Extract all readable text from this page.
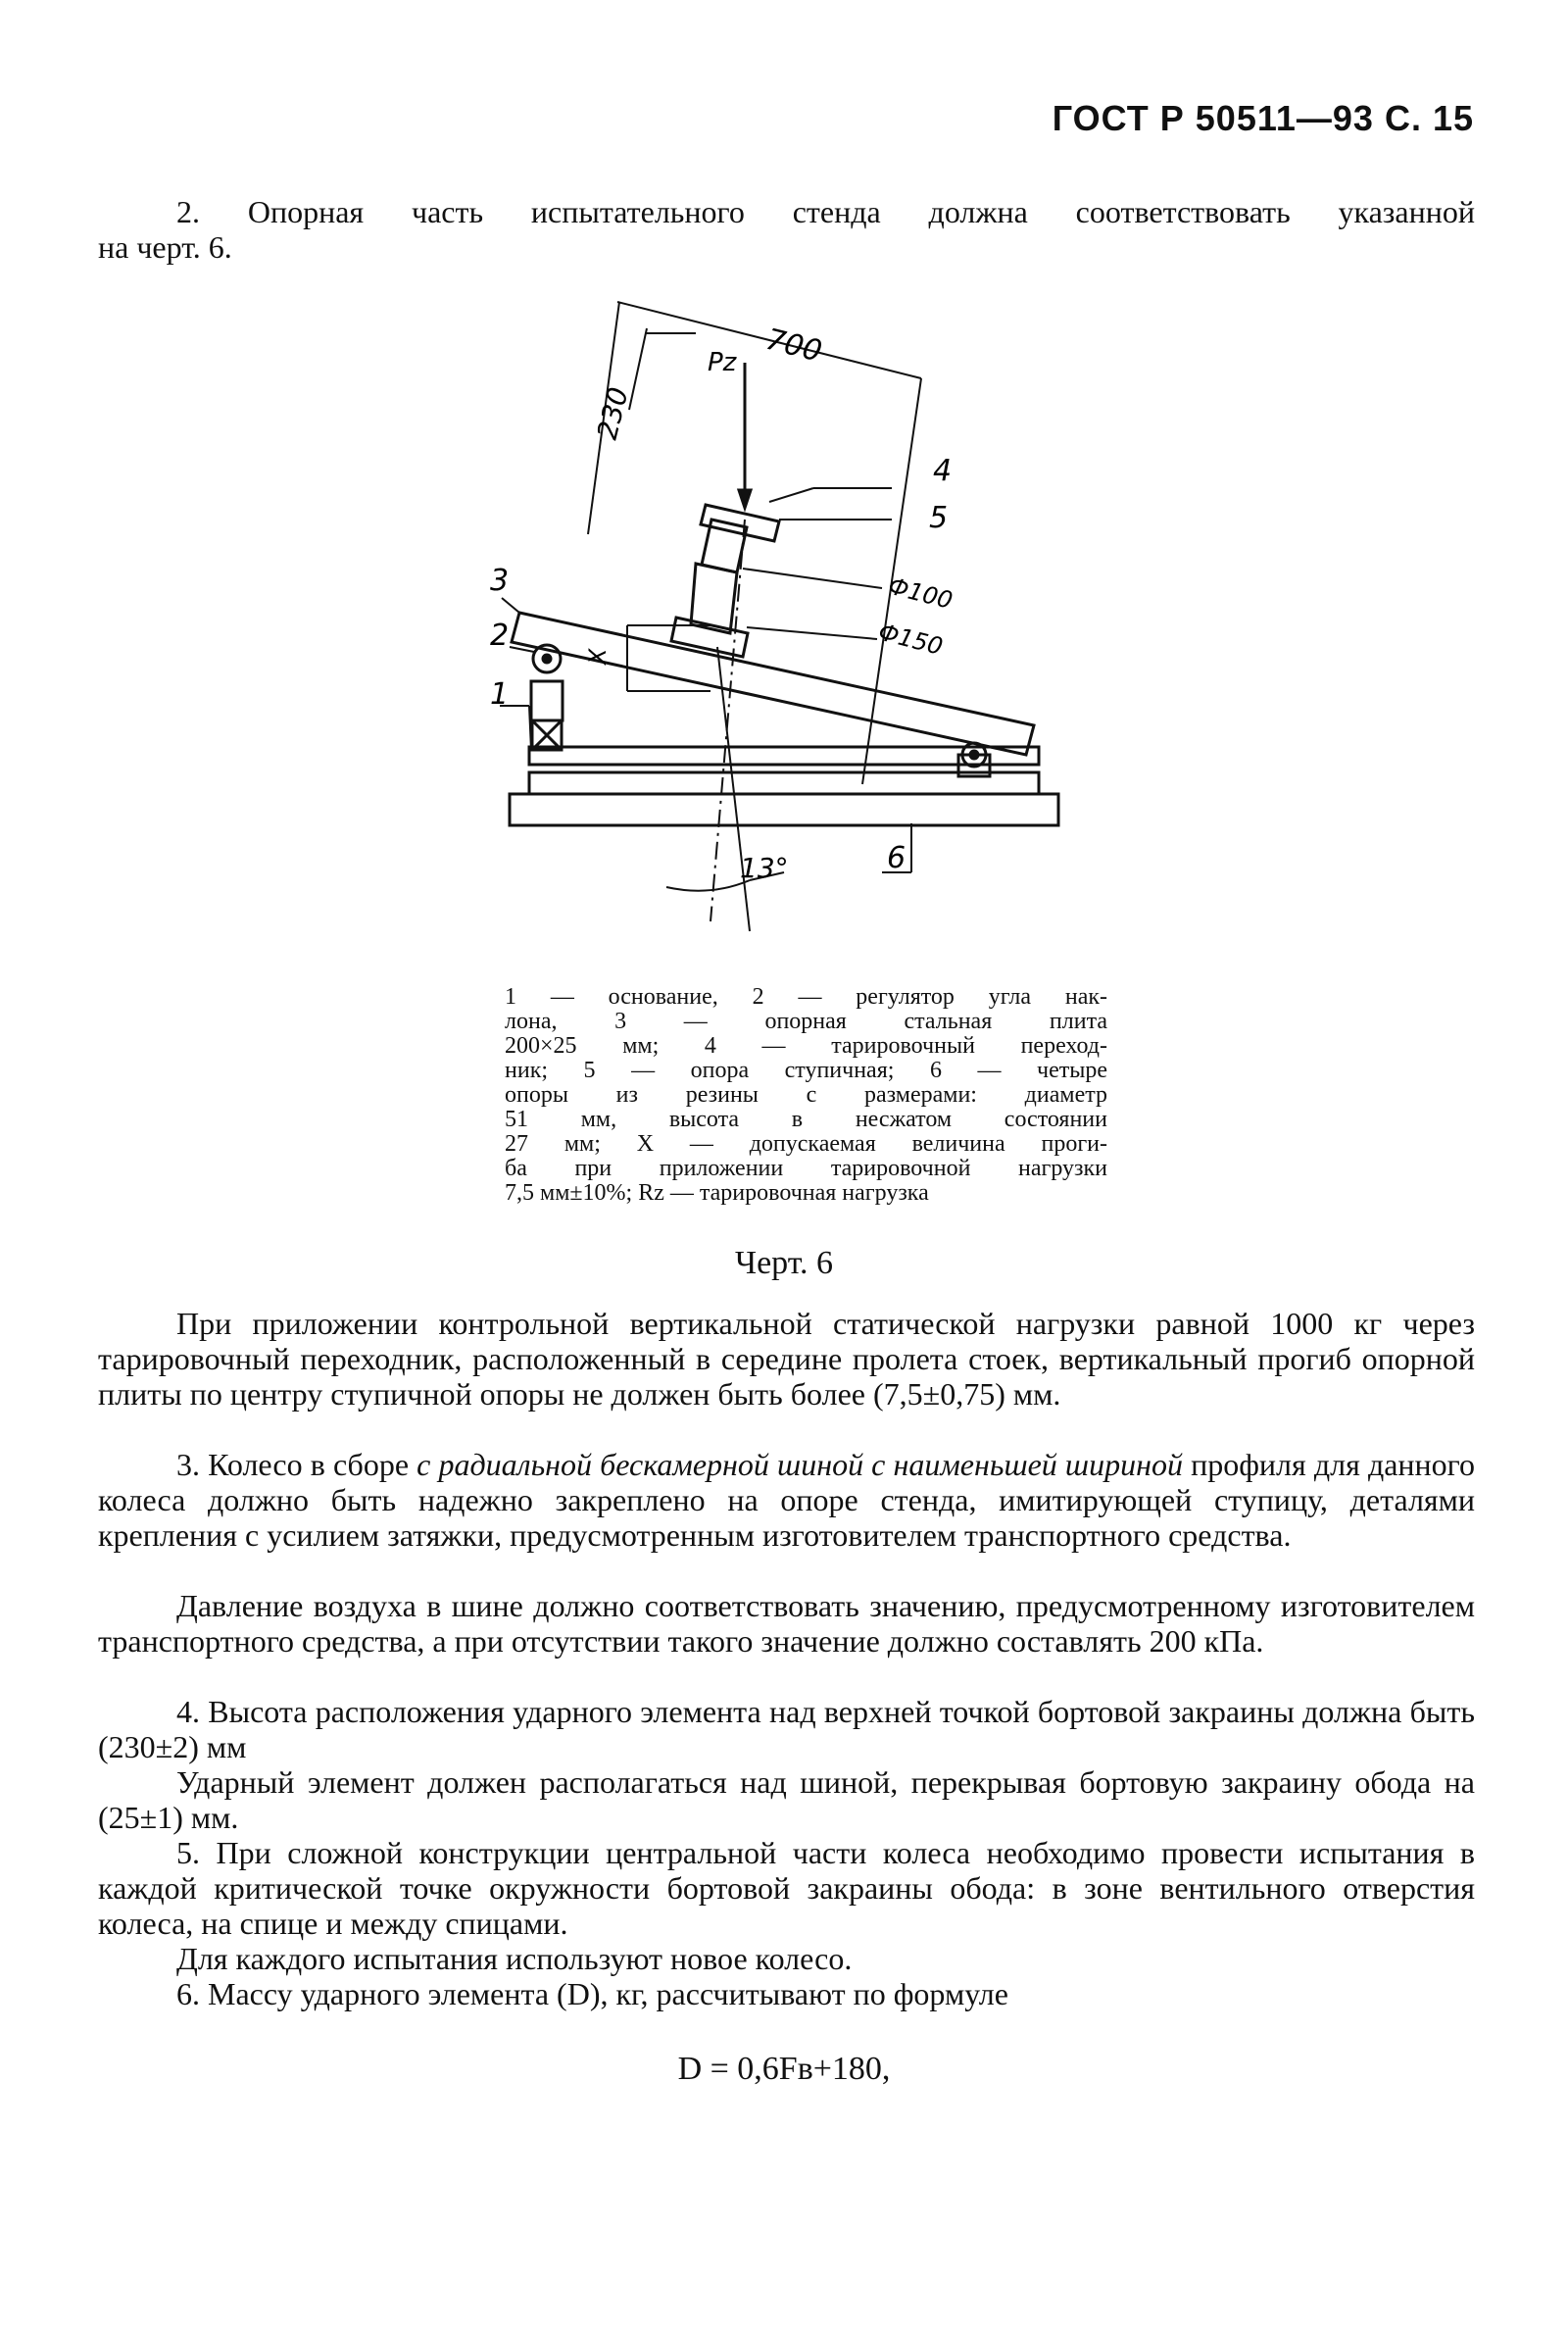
ГОСТ Р 50511—93 С. 15

2. Опорная часть испытательного стенда должна соответствовать указанной

на черт. 6.

700
Pz
230
4
5
Ф100
Ф150
3
2
1
X
13°	6
1 — основание, 2 — регулятор угла нак-
лона, 3 — опорная стальная плита
200×25 мм; 4 — тарировочный переход-
ник; 5 — опора ступичная; 6 — четыре
опоры из резины с размерами: диаметр
51 мм, высота в несжатом состоянии
27 мм; X — допускаемая величина проги-
ба при приложении тарировочной нагрузки
7,5 мм±10%; Rz — тарировочная нагрузка
Черт. 6

При приложении контрольной вертикальной статической нагрузки равной 1000 кг через тарировочный переходник, расположенный в середине пролета стоек, вертикальный прогиб опорной плиты по центру ступичной опоры не должен быть более (7,5±0,75) мм.

3. Колесо в сборе с радиальной бескамерной шиной с наименьшей шириной профиля для данного колеса должно быть надежно закреплено на опоре стенда, имитирующей ступицу, деталями крепления с усилием затяжки, предусмотренным изготовителем транспортного средства.

Давление воздуха в шине должно соответствовать значению, предусмотренному изготовителем транспортного средства, а при отсутствии такого значение должно составлять 200 кПа.

4. Высота расположения ударного элемента над верхней точкой бортовой закраины должна быть (230±2) мм

Ударный элемент должен располагаться над шиной, перекрывая бортовую закраину обода на (25±1) мм.

5. При сложной конструкции центральной части колеса необходимо провести испытания в каждой критической точке окружности бортовой закраины обода: в зоне вентильного отверстия колеса, на спице и между спицами.

Для каждого испытания используют новое колесо.

6. Массу ударного элемента (D), кг, рассчитывают по формуле

D = 0,6Fв+180,
